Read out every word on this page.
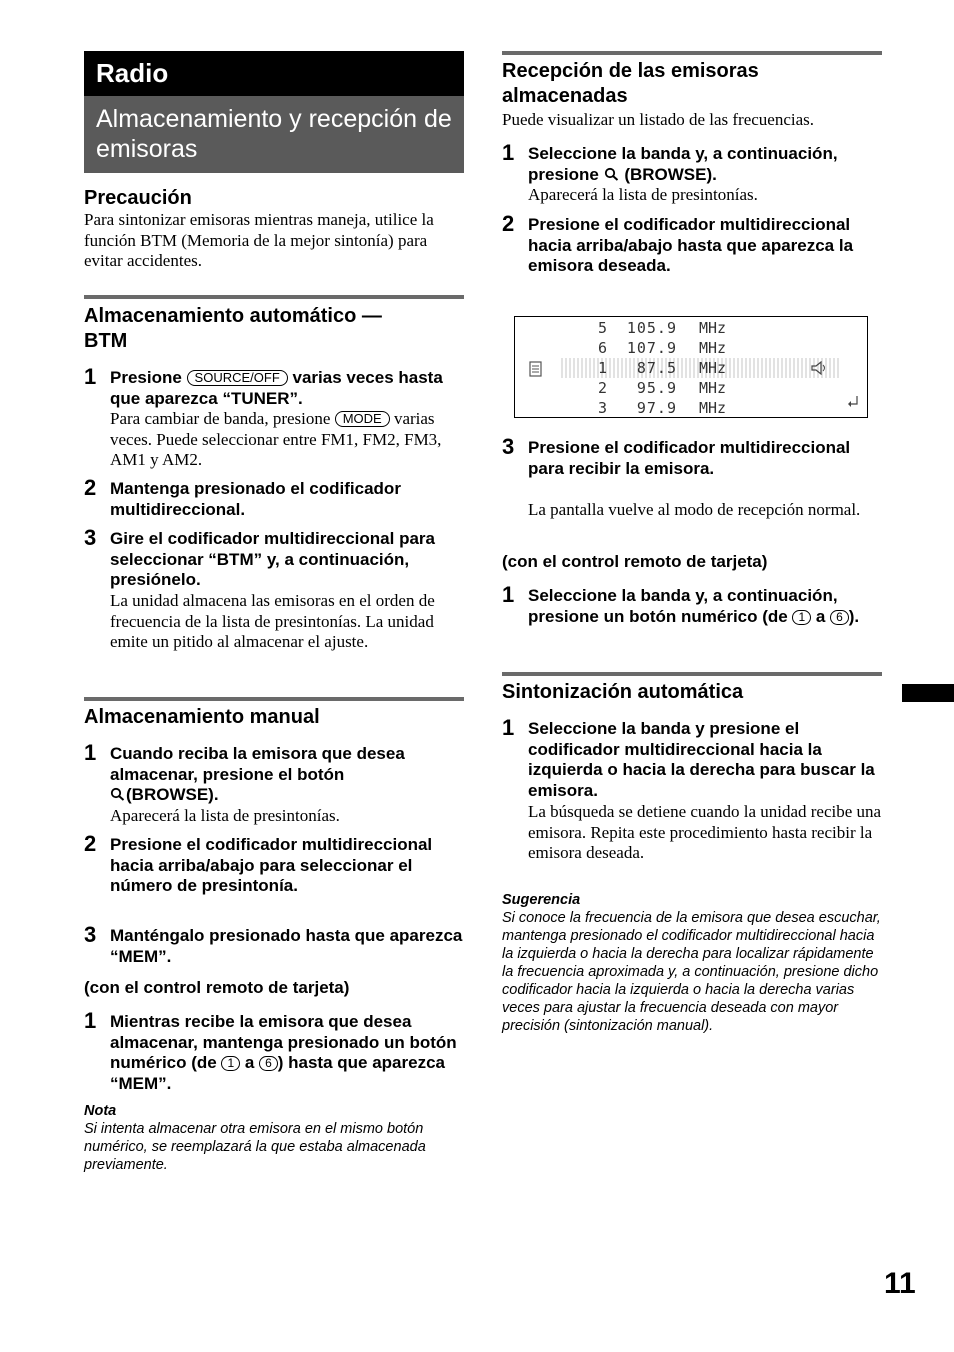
Radio
Almacenamiento y recepción de emisoras
Precaución
Para sintonizar emisoras mientras maneja, utilice la función BTM (Memoria de la mejor sintonía) para evitar accidentes.
Almacenamiento automático — BTM
1 Presione SOURCE/OFF varias veces hasta que aparezca “TUNER”.
Para cambiar de banda, presione MODE varias veces. Puede seleccionar entre FM1, FM2, FM3, AM1 y AM2.
2 Mantenga presionado el codificador multidireccional.
3 Gire el codificador multidireccional para seleccionar “BTM” y, a continuación, presiónelo.
La unidad almacena las emisoras en el orden de frecuencia de la lista de presintonías. La unidad emite un pitido al almacenar el ajuste.
Almacenamiento manual
1 Cuando reciba la emisora que desea almacenar, presione el botón
(BROWSE).
Aparecerá la lista de presintonías.
2 Presione el codificador multidireccional hacia arriba/abajo para seleccionar el número de presintonía.
3 Manténgalo presionado hasta que aparezca “MEM”.
(con el control remoto de tarjeta)
1 Mientras recibe la emisora que desea almacenar, mantenga presionado un botón numérico (de 1 a 6 ) hasta que aparezca “MEM”.
Nota
Si intenta almacenar otra emisora en el mismo botón numérico, se reemplazará la que estaba almacenada previamente.
Recepción de las emisoras almacenadas
Puede visualizar un listado de las frecuencias.
1 Seleccione la banda y, a continuación, presione  (BROWSE).
Aparecerá la lista de presintonías.
2 Presione el codificador multidireccional hacia arriba/abajo hasta que aparezca la emisora deseada.
3 Presione el codificador multidireccional para recibir la emisora.
La pantalla vuelve al modo de recepción normal.
(con el control remoto de tarjeta)
1 Seleccione la banda y, a continuación, presione un botón numérico (de 1 a 6 ).
Sintonización automática
1 Seleccione la banda y presione el codificador multidireccional hacia la izquierda o hacia la derecha para buscar la emisora.
La búsqueda se detiene cuando la unidad recibe una emisora. Repita este procedimiento hasta recibir la emisora deseada.
Sugerencia
Si conoce la frecuencia de la emisora que desea escuchar, mantenga presionado el codificador multidireccional hacia la izquierda o hacia la derecha para localizar rápidamente la frecuencia aproximada y, a continuación, presione dicho codificador hacia la izquierda o hacia la derecha varias veces para ajustar la frecuencia deseada con mayor precisión (sintonización manual).
5	105.9 MHz
6	107.9 MHz
1	87.5 MHz
2	95.9 MHz
3	97.9 MHz
11
